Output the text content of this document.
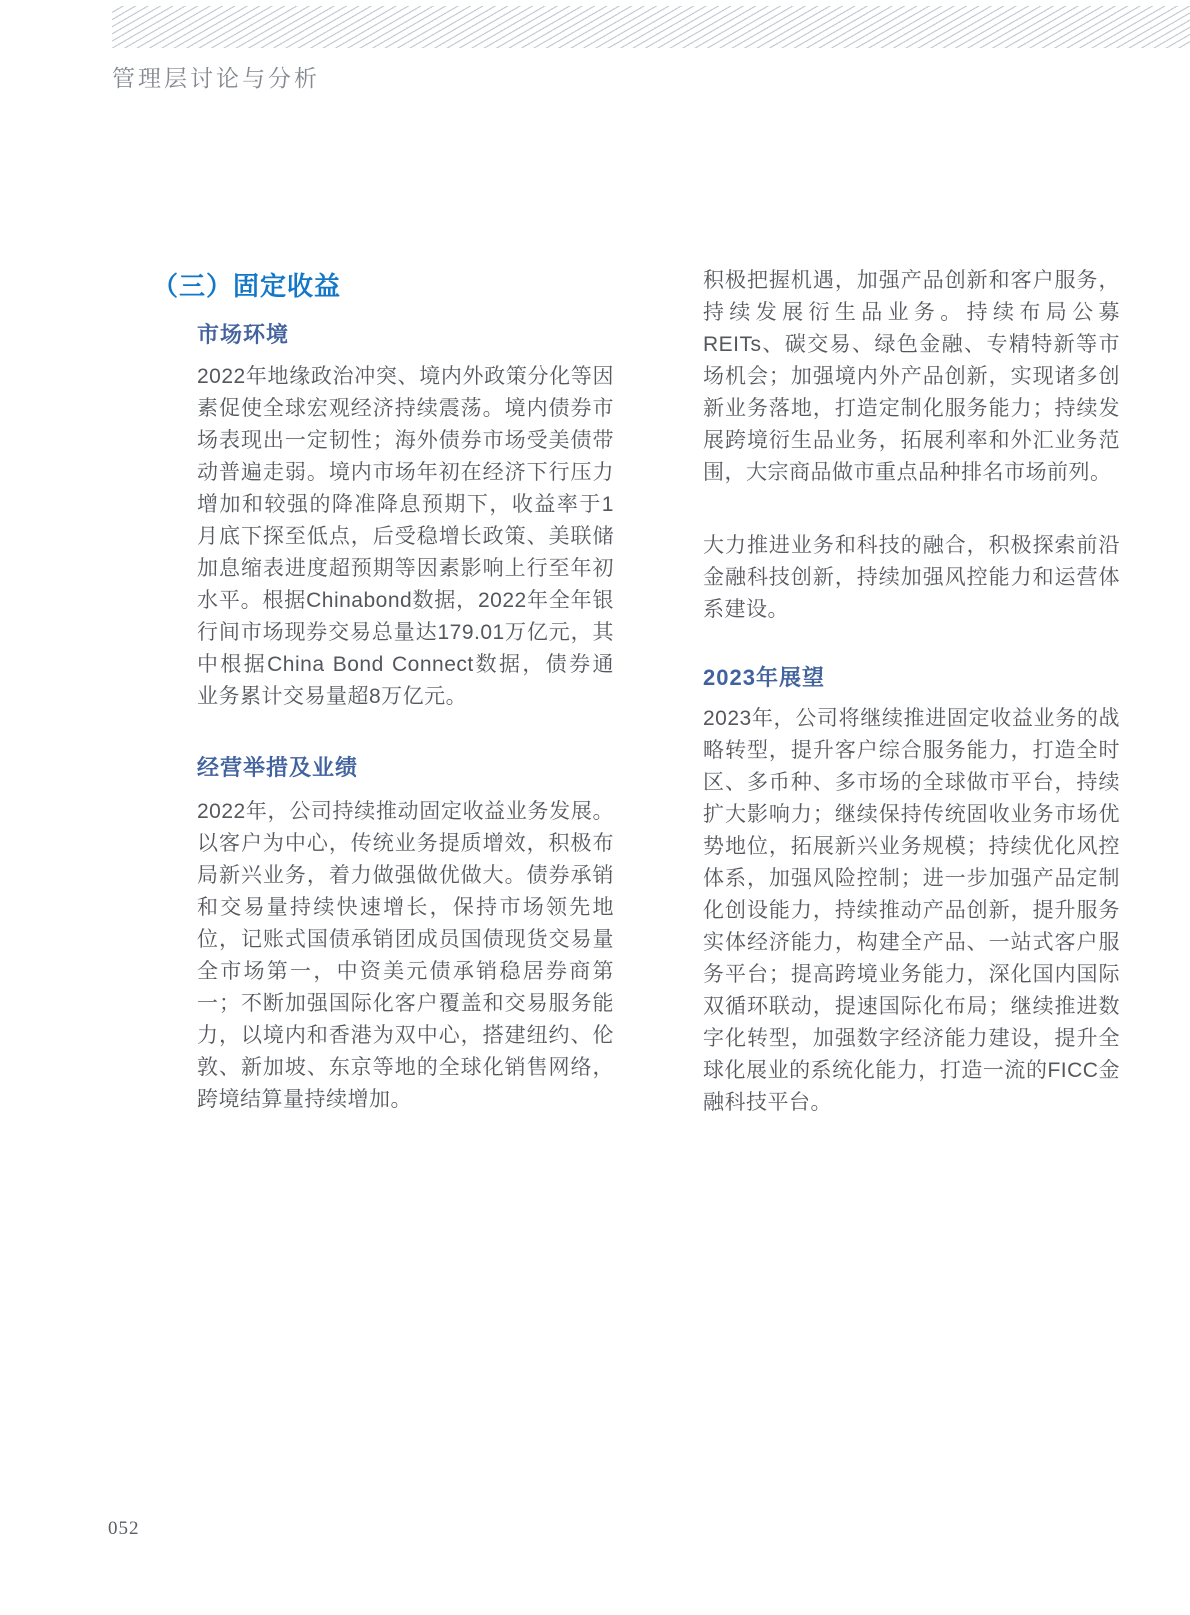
管理层讨论与分析
（三）固定收益
市场环境
2022年地缘政治冲突、境内外政策分化等因素促使全球宏观经济持续震荡。境内债券市场表现出一定韧性；海外债券市场受美债带动普遍走弱。境内市场年初在经济下行压力增加和较强的降准降息预期下，收益率于1月底下探至低点，后受稳增长政策、美联储加息缩表进度超预期等因素影响上行至年初水平。根据Chinabond数据，2022年全年银行间市场现券交易总量达179.01万亿元，其中根据China Bond Connect数据，债券通业务累计交易量超8万亿元。
经营举措及业绩
2022年，公司持续推动固定收益业务发展。以客户为中心，传统业务提质增效，积极布局新兴业务，着力做强做优做大。债券承销和交易量持续快速增长，保持市场领先地位，记账式国债承销团成员国债现货交易量全市场第一，中资美元债承销稳居券商第一；不断加强国际化客户覆盖和交易服务能力，以境内和香港为双中心，搭建纽约、伦敦、新加坡、东京等地的全球化销售网络，跨境结算量持续增加。
积极把握机遇，加强产品创新和客户服务，持续发展衍生品业务。持续布局公募REITs、碳交易、绿色金融、专精特新等市场机会；加强境内外产品创新，实现诸多创新业务落地，打造定制化服务能力；持续发展跨境衍生品业务，拓展利率和外汇业务范围，大宗商品做市重点品种排名市场前列。
大力推进业务和科技的融合，积极探索前沿金融科技创新，持续加强风控能力和运营体系建设。
2023年展望
2023年，公司将继续推进固定收益业务的战略转型，提升客户综合服务能力，打造全时区、多币种、多市场的全球做市平台，持续扩大影响力；继续保持传统固收业务市场优势地位，拓展新兴业务规模；持续优化风控体系，加强风险控制；进一步加强产品定制化创设能力，持续推动产品创新，提升服务实体经济能力，构建全产品、一站式客户服务平台；提高跨境业务能力，深化国内国际双循环联动，提速国际化布局；继续推进数字化转型，加强数字经济能力建设，提升全球化展业的系统化能力，打造一流的FICC金融科技平台。
052
